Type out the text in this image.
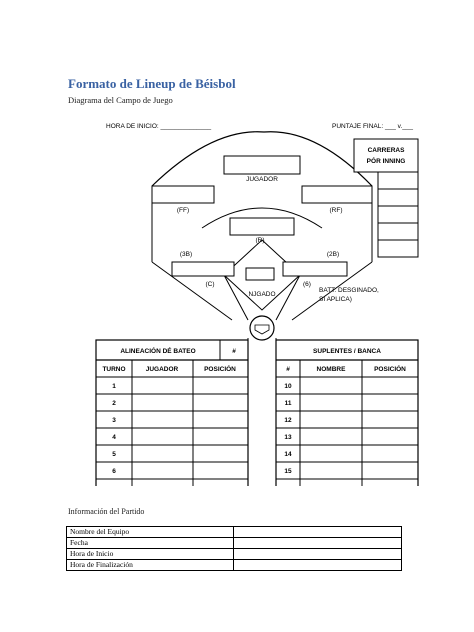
Formato de Lineup de Béisbol
Diagrama del Campo de Juego
HORA DE INICIO: ______________	PUNTAJE FINAL: ___ v.___
JUGADOR
(FF)	(RF)
(R)
(3B)	(2B)
(C)	(6)
NJGADO
BATT: DESGINADO,
SI APLICA)
CARRERAS
PÓR INNING
ALINEACIÓN DÉ BATEO	#
TURNO	JUGADOR	POSICIÓN
1
2
3
4
5
6
SUPLENTES / BANCA
#	NOMBRE	POSICIÓN
10
11
12
13
14
15
Información del Partido
Nombre del Equipo	
Fecha	
Hora de Inicio	
Hora de Finalización	
